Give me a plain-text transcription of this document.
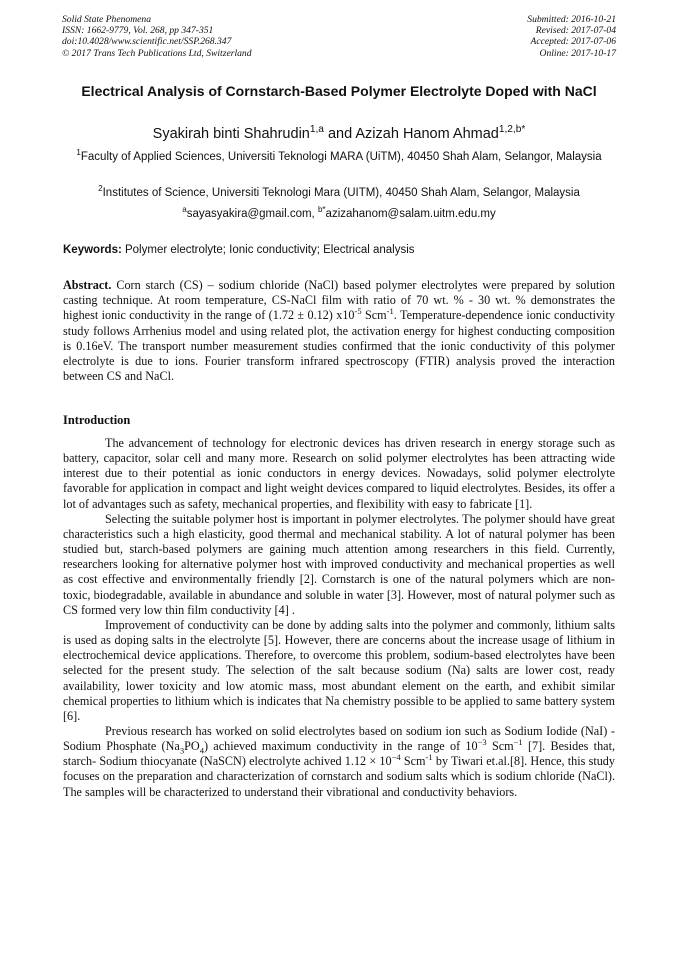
Solid State Phenomena
ISSN: 1662-9779, Vol. 268, pp 347-351
doi:10.4028/www.scientific.net/SSP.268.347
© 2017 Trans Tech Publications Ltd, Switzerland
Submitted: 2016-10-21
Revised: 2017-07-04
Accepted: 2017-07-06
Online: 2017-10-17
Electrical Analysis of Cornstarch-Based Polymer Electrolyte Doped with NaCl
Syakirah binti Shahrudin$^{1,a}$ and Azizah Hanom Ahmad$^{1,2,b*}$
$^1$Faculty of Applied Sciences, Universiti Teknologi MARA (UiTM), 40450 Shah Alam, Selangor, Malaysia
$^2$Institutes of Science, Universiti Teknologi Mara (UITM), 40450 Shah Alam, Selangor, Malaysia
$^a$sayasyakira@gmail.com, $^{b*}$azizahanom@salam.uitm.edu.my
Keywords: Polymer electrolyte; Ionic conductivity; Electrical analysis
Abstract. Corn starch (CS) – sodium chloride (NaCl) based polymer electrolytes were prepared by solution casting technique. At room temperature, CS-NaCl film with ratio of 70 wt. % - 30 wt. % demonstrates the highest ionic conductivity in the range of (1.72 ± 0.12) $x10^{-5}$ Scm$^{-1}$. Temperature-dependence ionic conductivity study follows Arrhenius model and using related plot, the activation energy for highest conducting composition is 0.16eV. The transport number measurement studies confirmed that the ionic conductivity of this polymer electrolyte is due to ions. Fourier transform infrared spectroscopy (FTIR) analysis proved the interaction between CS and NaCl.
Introduction

The advancement of technology for electronic devices has driven research in energy storage such as battery, capacitor, solar cell and many more. Research on solid polymer electrolytes has been attracting wide interest due to their potential as ionic conductors in energy devices. Nowadays, solid polymer electrolyte favorable for application in compact and light weight devices compared to liquid electrolytes. Besides, its offer a lot of advantages such as safety, mechanical properties, and flexibility with easy to fabricate [1].

Selecting the suitable polymer host is important in polymer electrolytes. The polymer should have great characteristics such a high elasticity, good thermal and mechanical stability. A lot of natural polymer has been studied but, starch-based polymers are gaining much attention among researchers in this field. Currently, researchers looking for alternative polymer host with improved conductivity and mechanical properties as well as cost effective and environmentally friendly [2]. Cornstarch is one of the natural polymers which are non-toxic, biodegradable, available in abundance and soluble in water [3]. However, most of natural polymer such as CS formed very low thin film conductivity [4] .

Improvement of conductivity can be done by adding salts into the polymer and commonly, lithium salts is used as doping salts in the electrolyte [5]. However, there are concerns about the increase usage of lithium in electrochemical device applications. Therefore, to overcome this problem, sodium-based electrolytes have been selected for the present study. The selection of the salt because sodium (Na) salts are lower cost, ready availability, lower toxicity and low atomic mass, most abundant element on the earth, and exhibit similar chemical properties to lithium which is indicates that Na chemistry possible to be applied to same battery system [6].

Previous research has worked on solid electrolytes based on sodium ion such as Sodium Iodide (NaI) -Sodium Phosphate $(Na_3PO_4)$ achieved maximum conductivity in the range of $10^{-3}$ Scm$^{-1}$ [7]. Besides that, starch- Sodium thiocyanate (NaSCN) electrolyte achived $1.12 \times 10^{-4}$ Scm$^{-1}$ by Tiwari et.al.[8]. Hence, this study focuses on the preparation and characterization of cornstarch and sodium salts which is sodium chloride (NaCl). The samples will be characterized to understand their vibrational and conductivity behaviors.
